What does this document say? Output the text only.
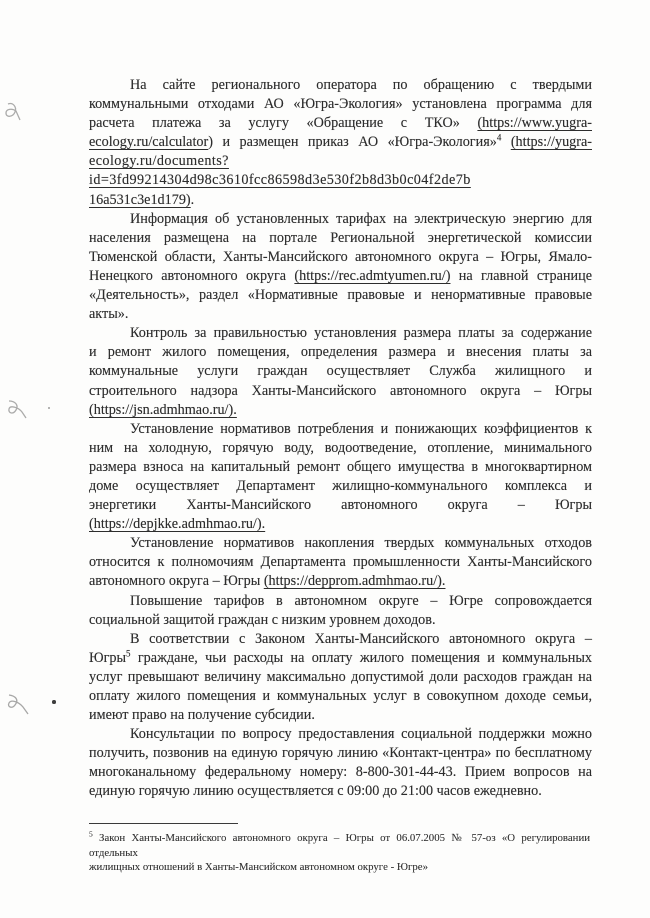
На сайте регионального оператора по обращению с твердыми
коммунальными отходами АО «Югра-Экология» установлена программа для
расчета платежа за услугу «Обращение с ТКО» (https://www.yugra-
ecology.ru/calculator) и размещен приказ АО «Югра-Экология»$^4$ (https://yugra-
ecology.ru/documents?id=3fd99214304d98c3610fcc86598d3e530f2b8d3b0c04f2de7b
16a531c3e1d179).
Информация об установленных тарифах на электрическую энергию для
населения размещена на портале Региональной энергетической комиссии
Тюменской области, Ханты-Мансийского автономного округа – Югры, Ямало-
Ненецкого автономного округа (https://rec.admtyumen.ru/) на главной странице
«Деятельность», раздел «Нормативные правовые и ненормативные правовые
акты».
Контроль за правильностью установления размера платы за содержание
и ремонт жилого помещения, определения размера и внесения платы за
коммунальные услуги граждан осуществляет Служба жилищного и
строительного надзора Ханты-Мансийского автономного округа – Югры
(https://jsn.admhmao.ru/).
Установление нормативов потребления и понижающих коэффициентов к
ним на холодную, горячую воду, водоотведение, отопление, минимального
размера взноса на капитальный ремонт общего имущества в многоквартирном
доме осуществляет Департамент жилищно-коммунального комплекса и
энергетики Ханты-Мансийского автономного округа – Югры
(https://depjkke.admhmao.ru/).
Установление нормативов накопления твердых коммунальных отходов
относится к полномочиям Департамента промышленности Ханты-Мансийского
автономного округа – Югры (https://depprom.admhmao.ru/).
Повышение тарифов в автономном округе – Югре сопровождается
социальной защитой граждан с низким уровнем доходов.
В соответствии с Законом Ханты-Мансийского автономного округа –
Югры$^5$ граждане, чьи расходы на оплату жилого помещения и коммунальных
услуг превышают величину максимально допустимой доли расходов граждан на
оплату жилого помещения и коммунальных услуг в совокупном доходе семьи,
имеют право на получение субсидии.
Консультации по вопросу предоставления социальной поддержки можно
получить, позвонив на единую горячую линию «Контакт-центра» по бесплатному
многоканальному федеральному номеру: 8-800-301-44-43. Прием вопросов на
единую горячую линию осуществляется с 09:00 до 21:00 часов ежедневно.
$^5$ Закон Ханты-Мансийского автономного округа – Югры от 06.07.2005 № 57-оз «О регулировании отдельных
жилищных отношений в Ханты-Мансийском автономном округе - Югре»
